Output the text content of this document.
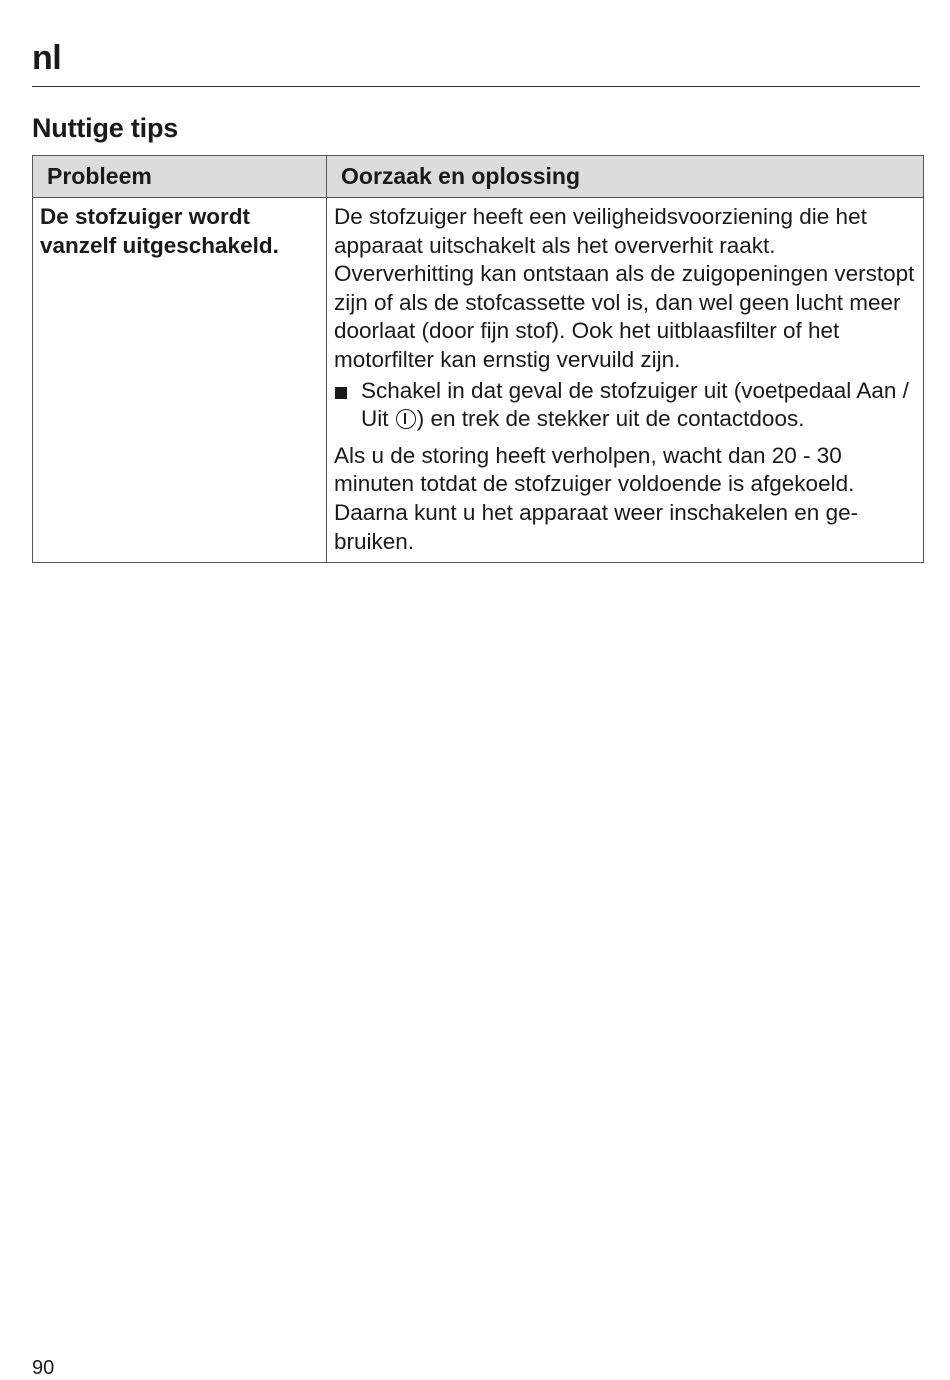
nl
Nuttige tips
Probleem	Oorzaak en oplossing
De stofzuiger wordt vanzelf uitgeschakeld.	De stofzuiger heeft een veiligheidsvoorziening die het apparaat uitschakelt als het oververhit raakt. Oververhitting kan ontstaan als de zuigopeningen verstopt zijn of als de stofcassette vol is, dan wel geen lucht meer doorlaat (door fijn stof). Ook het uitblaasfilter of het motorfilter kan ernstig vervuild zijn.

Schakel in dat geval de stofzuiger uit (voetpedaal Aan / Uit ) en trek de stekker uit de contactdoos.

Als u de storing heeft verholpen, wacht dan 20 - 30 minuten totdat de stofzuiger voldoende is afgekoeld. Daarna kunt u het apparaat weer inschakelen en gebruiken.

90
